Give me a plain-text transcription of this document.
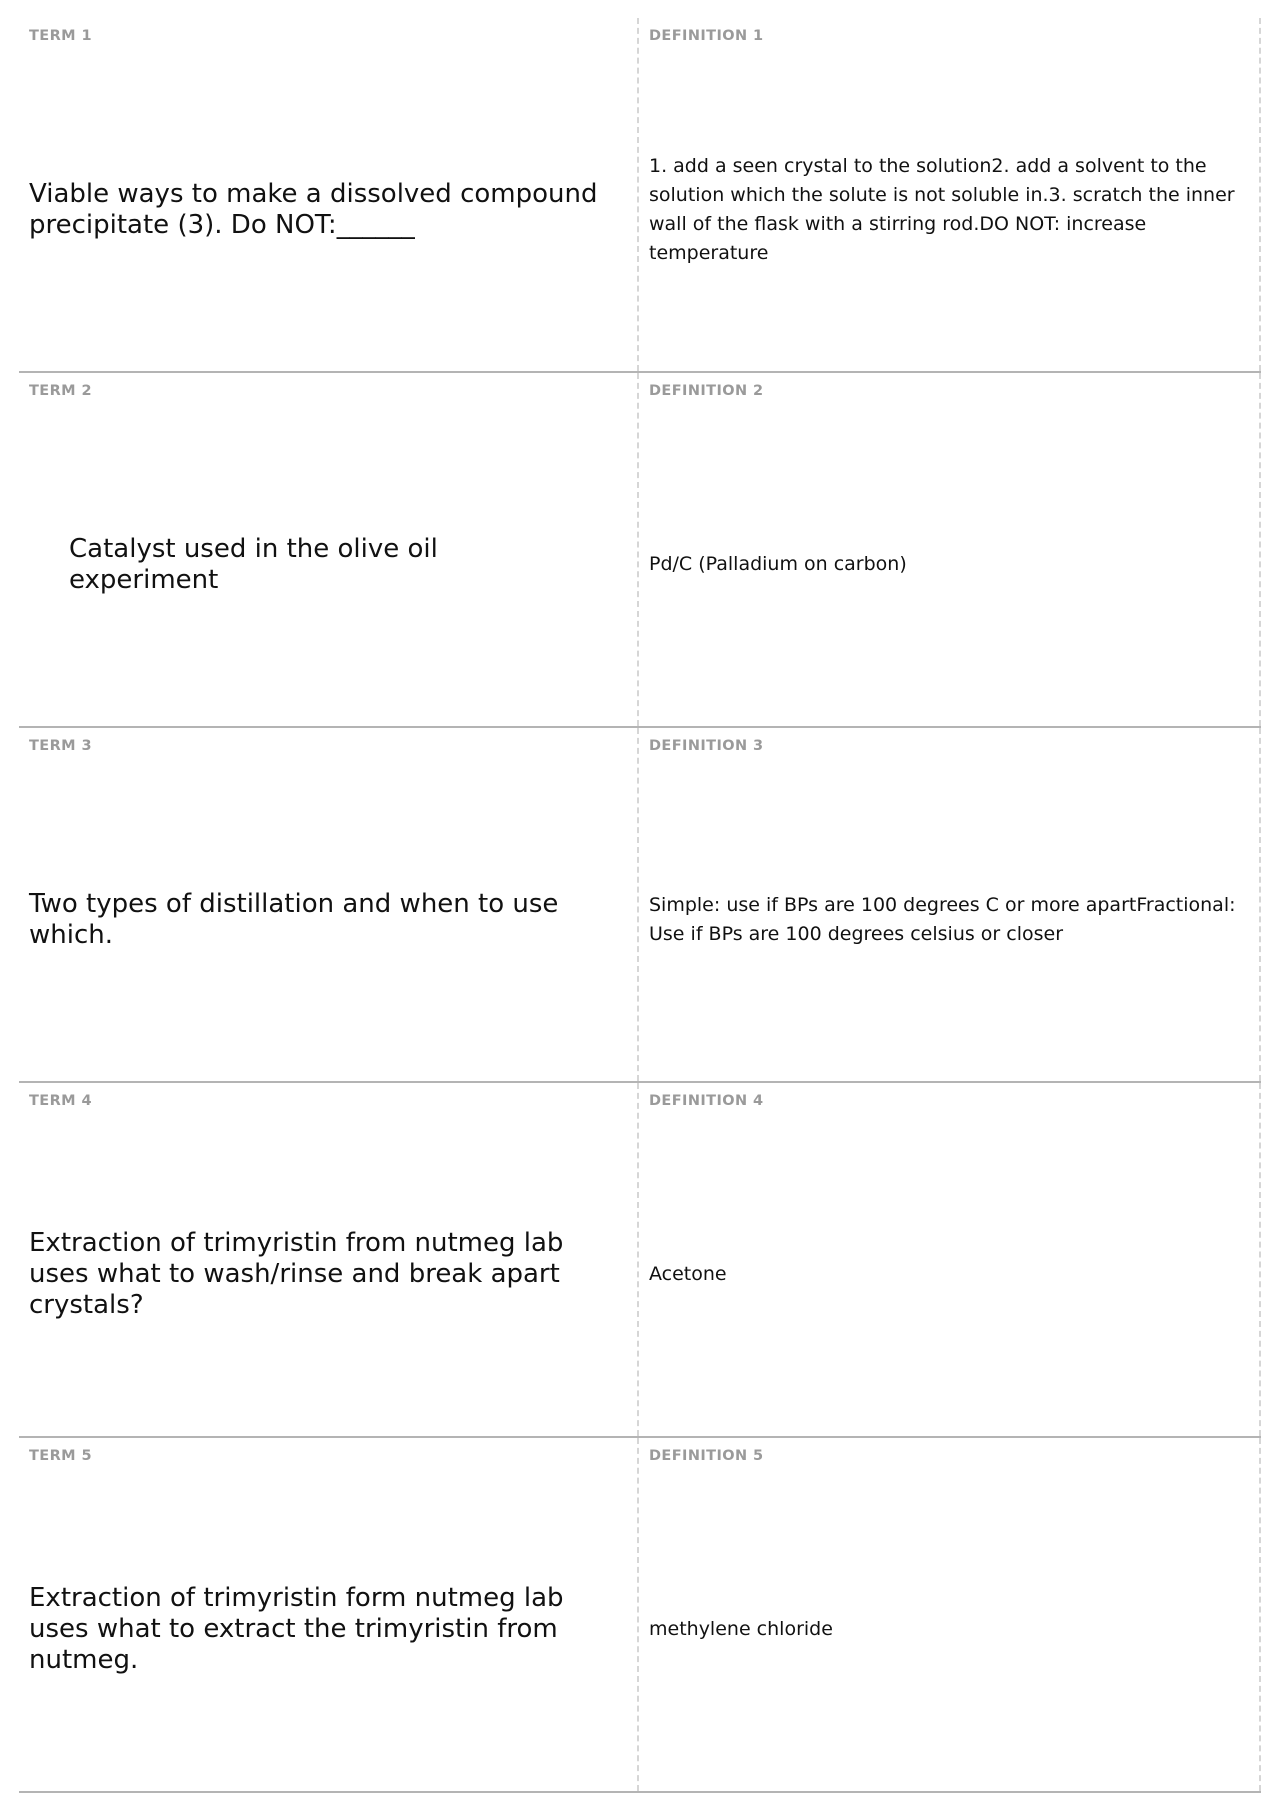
TERM 1
Viable ways to make a dissolved compound precipitate (3). Do NOT:______
DEFINITION 1
1. add a seen crystal to the solution2. add a solvent to the solution which the solute is not soluble in.3. scratch the inner wall of the flask with a stirring rod.DO NOT: increase temperature
TERM 2
Catalyst used in the olive oil experiment
DEFINITION 2
Pd/C (Palladium on carbon)
TERM 3
Two types of distillation and when to use which.
DEFINITION 3
Simple: use if BPs are 100 degrees C or more apartFractional: Use if BPs are 100 degrees celsius or closer
TERM 4
Extraction of trimyristin from nutmeg lab uses what to wash/rinse and break apart crystals?
DEFINITION 4
Acetone
TERM 5
Extraction of trimyristin form nutmeg lab uses what to extract the trimyristin from nutmeg.
DEFINITION 5
methylene chloride
